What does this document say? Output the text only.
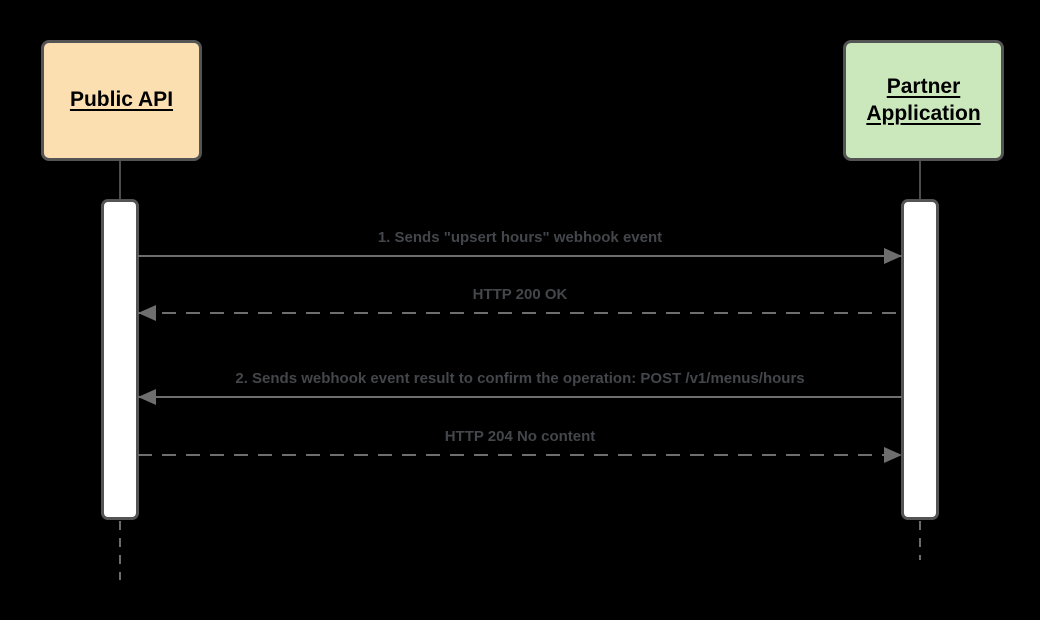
Public API
Partner Application
1. Sends "upsert hours" webhook event
HTTP 200 OK
2. Sends webhook event result to confirm the operation: POST /v1/menus/hours
HTTP 204 No content
